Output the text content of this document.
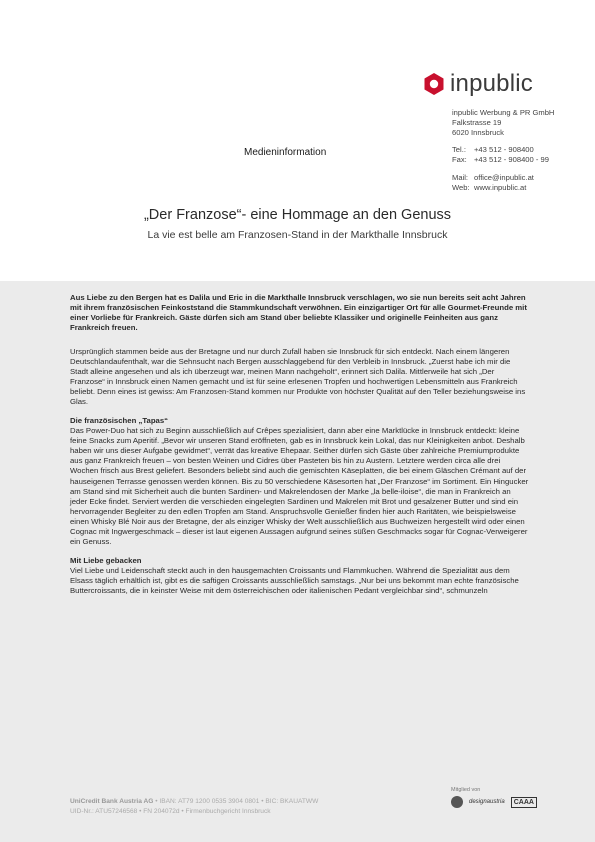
inpublic
inpublic Werbung & PR GmbH
Falkstrasse 19
6020 Innsbruck
Tel.:	+43 512 - 908400
Fax: +43 512 - 908400 - 99
Mail: office@inpublic.at
Web: www.inpublic.at
Medieninformation
„Der Franzose“- eine Hommage an den Genuss
La vie est belle am Franzosen-Stand in der Markthalle Innsbruck

Aus Liebe zu den Bergen hat es Dalila und Eric in die Markthalle Innsbruck verschlagen, wo sie nun bereits seit acht Jahren mit ihrem französischen Feinkoststand die Stammkundschaft verwöhnen. Ein einzigartiger Ort für alle Gourmet-Freunde mit einer Vorliebe für Frankreich. Gäste dürfen sich am Stand über beliebte Klassiker und originelle Feinheiten aus ganz Frankreich freuen.

Ursprünglich stammen beide aus der Bretagne und nur durch Zufall haben sie Innsbruck für sich entdeckt. Nach einem längeren Deutschlandaufenthalt, war die Sehnsucht nach Bergen ausschlaggebend für den Verbleib in Innsbruck. „Zuerst habe ich mir die Stadt alleine angesehen und als ich überzeugt war, meinen Mann nachgeholt“, erinnert sich Dalila. Mittlerweile hat sich „Der Franzose“ in Innsbruck einen Namen gemacht und ist für seine erlesenen Tropfen und hochwertigen Lebensmitteln aus Frankreich beliebt. Denn eines ist gewiss: Am Franzosen-Stand kommen nur Produkte von höchster Qualität auf den Teller beziehungsweise ins Glas.

Die französischen „Tapas“

Das Power-Duo hat sich zu Beginn ausschließlich auf Crêpes spezialisiert, dann aber eine Marktlücke in Innsbruck entdeckt: kleine feine Snacks zum Aperitif. „Bevor wir unseren Stand eröffneten, gab es in Innsbruck kein Lokal, das nur Kleinigkeiten anbot. Deshalb haben wir uns dieser Aufgabe gewidmet“, verrät das kreative Ehepaar. Seither dürfen sich Gäste über zahlreiche Premiumprodukte aus ganz Frankreich freuen – von besten Weinen und Cidres über Pasteten bis hin zu Austern. Letztere werden circa alle drei Wochen frisch aus Brest geliefert. Besonders beliebt sind auch die gemischten Käseplatten, die bei einem Gläschen Crémant auf der hauseigenen Terrasse genossen werden können. Bis zu 50 verschiedene Käsesorten hat „Der Franzose“ im Sortiment. Ein Hingucker am Stand sind mit Sicherheit auch die bunten Sardinen- und Makrelendosen der Marke „la belle-iloise“, die man in Frankreich an jeder Ecke findet. Serviert werden die verschieden eingelegten Sardinen und Makrelen mit Brot und gesalzener Butter und sind ein hervorragender Begleiter zu den edlen Tropfen am Stand. Anspruchsvolle Genießer finden hier auch Raritäten, wie beispielsweise einen Whisky Blé Noir aus der Bretagne, der als einziger Whisky der Welt ausschließlich aus Buchweizen hergestellt wird oder einen Cognac mit Ingwergeschmack – dieser ist laut eigenen Aussagen aufgrund seines süßen Geschmacks sogar für Cognac-Verweigerer ein Genuss.

Mit Liebe gebacken

Viel Liebe und Leidenschaft steckt auch in den hausgemachten Croissants und Flammkuchen. Während die Spezialität aus dem Elsass täglich erhältlich ist, gibt es die saftigen Croissants ausschließlich samstags. „Nur bei uns bekommt man echte französische Buttercroissants, die in keinster Weise mit dem österreichischen oder italienischen Pedant vergleichbar sind“, schmunzeln

UniCredit Bank Austria AG • IBAN: AT79 1200 0535 3904 0801 • BIC: BKAUATWW
UID-Nr.: ATU57246568 • FN 204072d • Firmenbuchgericht Innsbruck
Mitglied von
designaustria	CAAA
